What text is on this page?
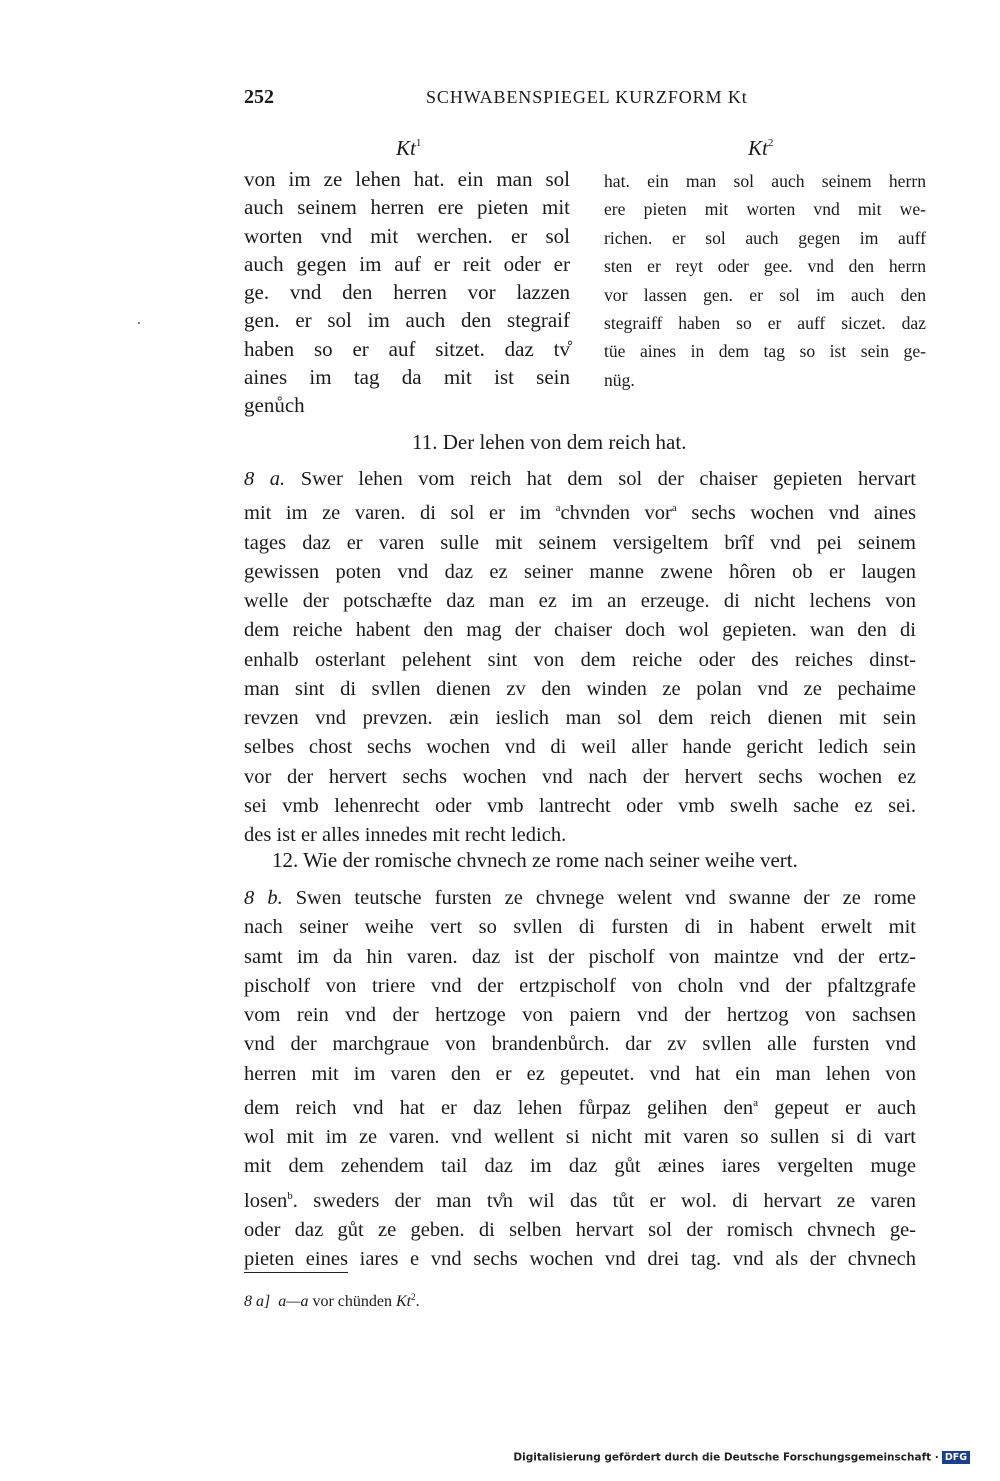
252	SCHWABENSPIEGEL KURZFORM Kt
Kt$^1$	Kt$^2$
von im ze lehen hat. ein man sol
auch seinem herren ere pieten mit
worten vnd mit werchen. er sol
auch gegen im auf er reit oder er
ge. vnd den herren vor lazzen
gen. er sol im auch den stegraif
haben so er auf sitzet. daz tv̊
aines im tag da mit ist sein
genůch
hat. ein man sol auch seinem herrn
ere pieten mit worten vnd mit we-
richen. er sol auch gegen im auff
sten er reyt oder gee. vnd den herrn
vor lassen gen. er sol im auch den
stegraiff haben so er auff siczet. daz
tüe aines in dem tag so ist sein ge-
nüg.
11. Der lehen von dem reich hat.
8 a. Swer lehen vom reich hat dem sol der chaiser gepieten hervart
mit im ze varen. di sol er im $^a$chvnden vor$^a$ sechs wochen vnd aines
tages daz er varen sulle mit seinem versigeltem brîf vnd pei seinem
gewissen poten vnd daz ez seiner manne zwene hôren ob er laugen
welle der potschæfte daz man ez im an erzeuge. di nicht lechens von
dem reiche habent den mag der chaiser doch wol gepieten. wan den di
enhalb osterlant pelehent sint von dem reiche oder des reiches dinst-
man sint di svllen dienen zv den winden ze polan vnd ze pechaime
revzen vnd prevzen. æin ieslich man sol dem reich dienen mit sein
selbes chost sechs wochen vnd di weil aller hande gericht ledich sein
vor der hervert sechs wochen vnd nach der hervert sechs wochen ez
sei vmb lehenrecht oder vmb lantrecht oder vmb swelh sache ez sei.
des ist er alles innedes mit recht ledich.
12. Wie der romische chvnech ze rome nach seiner weihe vert.
8 b. Swen teutsche fursten ze chvnege welent vnd swanne der ze rome
nach seiner weihe vert so svllen di fursten di in habent erwelt mit
samt im da hin varen. daz ist der pischolf von maintze vnd der ertz-
pischolf von triere vnd der ertzpischolf von choln vnd der pfaltzgrafe
vom rein vnd der hertzoge von paiern vnd der hertzog von sachsen
vnd der marchgraue von brandenbůrch. dar zv svllen alle fursten vnd
herren mit im varen den er ez gepeutet. vnd hat ein man lehen von
dem reich vnd hat er daz lehen fůrpaz gelihen den$^a$ gepeut er auch
wol mit im ze varen. vnd wellent si nicht mit varen so sullen si di vart
mit dem zehendem tail daz im daz gůt æines iares vergelten muge
losen$^b$. sweders der man tv̊n wil das tůt er wol. di hervart ze varen
oder daz gůt ze geben. di selben hervart sol der romisch chvnech ge-
pieten eines iares e vnd sechs wochen vnd drei tag. vnd als der chvnech
8 a] a—a vor chünden Kt$^2$.
Digitalisierung gefördert durch die Deutsche Forschungsgemeinschaft · DFG
